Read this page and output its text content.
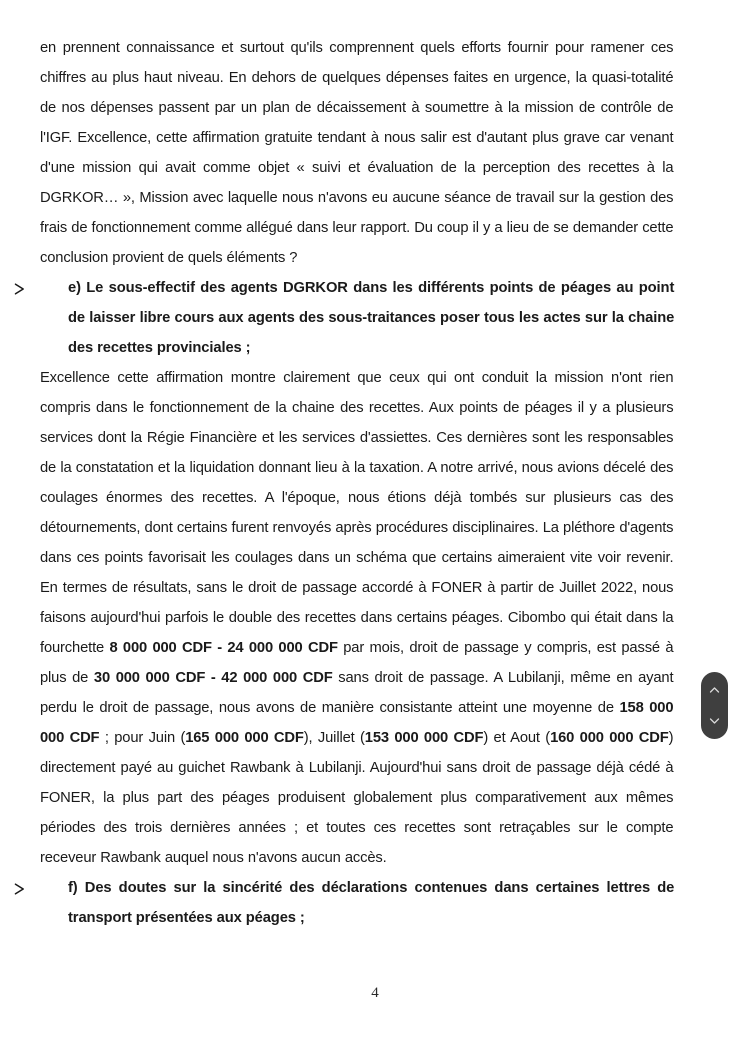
en prennent connaissance et surtout qu'ils comprennent quels efforts fournir pour ramener ces chiffres au plus haut niveau. En dehors de quelques dépenses faites en urgence, la quasi-totalité de nos dépenses passent par un plan de décaissement à soumettre à la mission de contrôle de l'IGF. Excellence, cette affirmation gratuite tendant à nous salir est d'autant plus grave car venant d'une mission qui avait comme objet « suivi et évaluation de la perception des recettes à la DGRKOR… », Mission avec laquelle nous n'avons eu aucune séance de travail sur la gestion des frais de fonctionnement comme allégué dans leur rapport. Du coup il y a lieu de se demander cette conclusion provient de quels éléments ?

e) Le sous-effectif des agents DGRKOR dans les différents points de péages au point de laisser libre cours aux agents des sous-traitances poser tous les actes sur la chaine des recettes provinciales ;

Excellence cette affirmation montre clairement que ceux qui ont conduit la mission n'ont rien compris dans le fonctionnement de la chaine des recettes. Aux points de péages il y a plusieurs services dont la Régie Financière et les services d'assiettes. Ces dernières sont les responsables de la constatation et la liquidation donnant lieu à la taxation. A notre arrivé, nous avions décelé des coulages énormes des recettes. A l'époque, nous étions déjà tombés sur plusieurs cas des détournements, dont certains furent renvoyés après procédures disciplinaires. La pléthore d'agents dans ces points favorisait les coulages dans un schéma que certains aimeraient vite voir revenir. En termes de résultats, sans le droit de passage accordé à FONER à partir de Juillet 2022, nous faisons aujourd'hui parfois le double des recettes dans certains péages. Cibombo qui était dans la fourchette 8 000 000 CDF - 24 000 000 CDF par mois, droit de passage y compris, est passé à plus de 30 000 000 CDF - 42 000 000 CDF sans droit de passage. A Lubilanji, même en ayant perdu le droit de passage, nous avons de manière consistante atteint une moyenne de 158 000 000 CDF ; pour Juin (165 000 000 CDF), Juillet (153 000 000 CDF) et Aout (160 000 000 CDF) directement payé au guichet Rawbank à Lubilanji. Aujourd'hui sans droit de passage déjà cédé à FONER, la plus part des péages produisent globalement plus comparativement aux mêmes périodes des trois dernières années ; et toutes ces recettes sont retraçables sur le compte receveur Rawbank auquel nous n'avons aucun accès.

f) Des doutes sur la sincérité des déclarations contenues dans certaines lettres de transport présentées aux péages ;

4
